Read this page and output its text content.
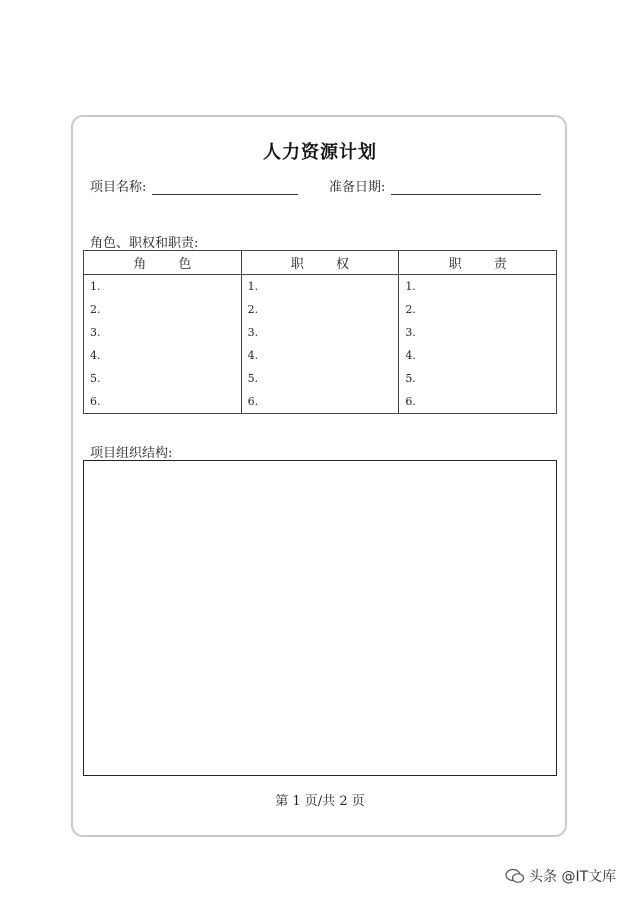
人力资源计划
项目名称:	准备日期:
角色、职权和职责:
角 色	职 权	职 责
1.	1.	1.
2.	2.	2.
3.	3.	3.
4.	4.	4.
5.	5.	5.
6.	6.	6.
项目组织结构:
第 1 页/共 2 页
头条 @IT文库
